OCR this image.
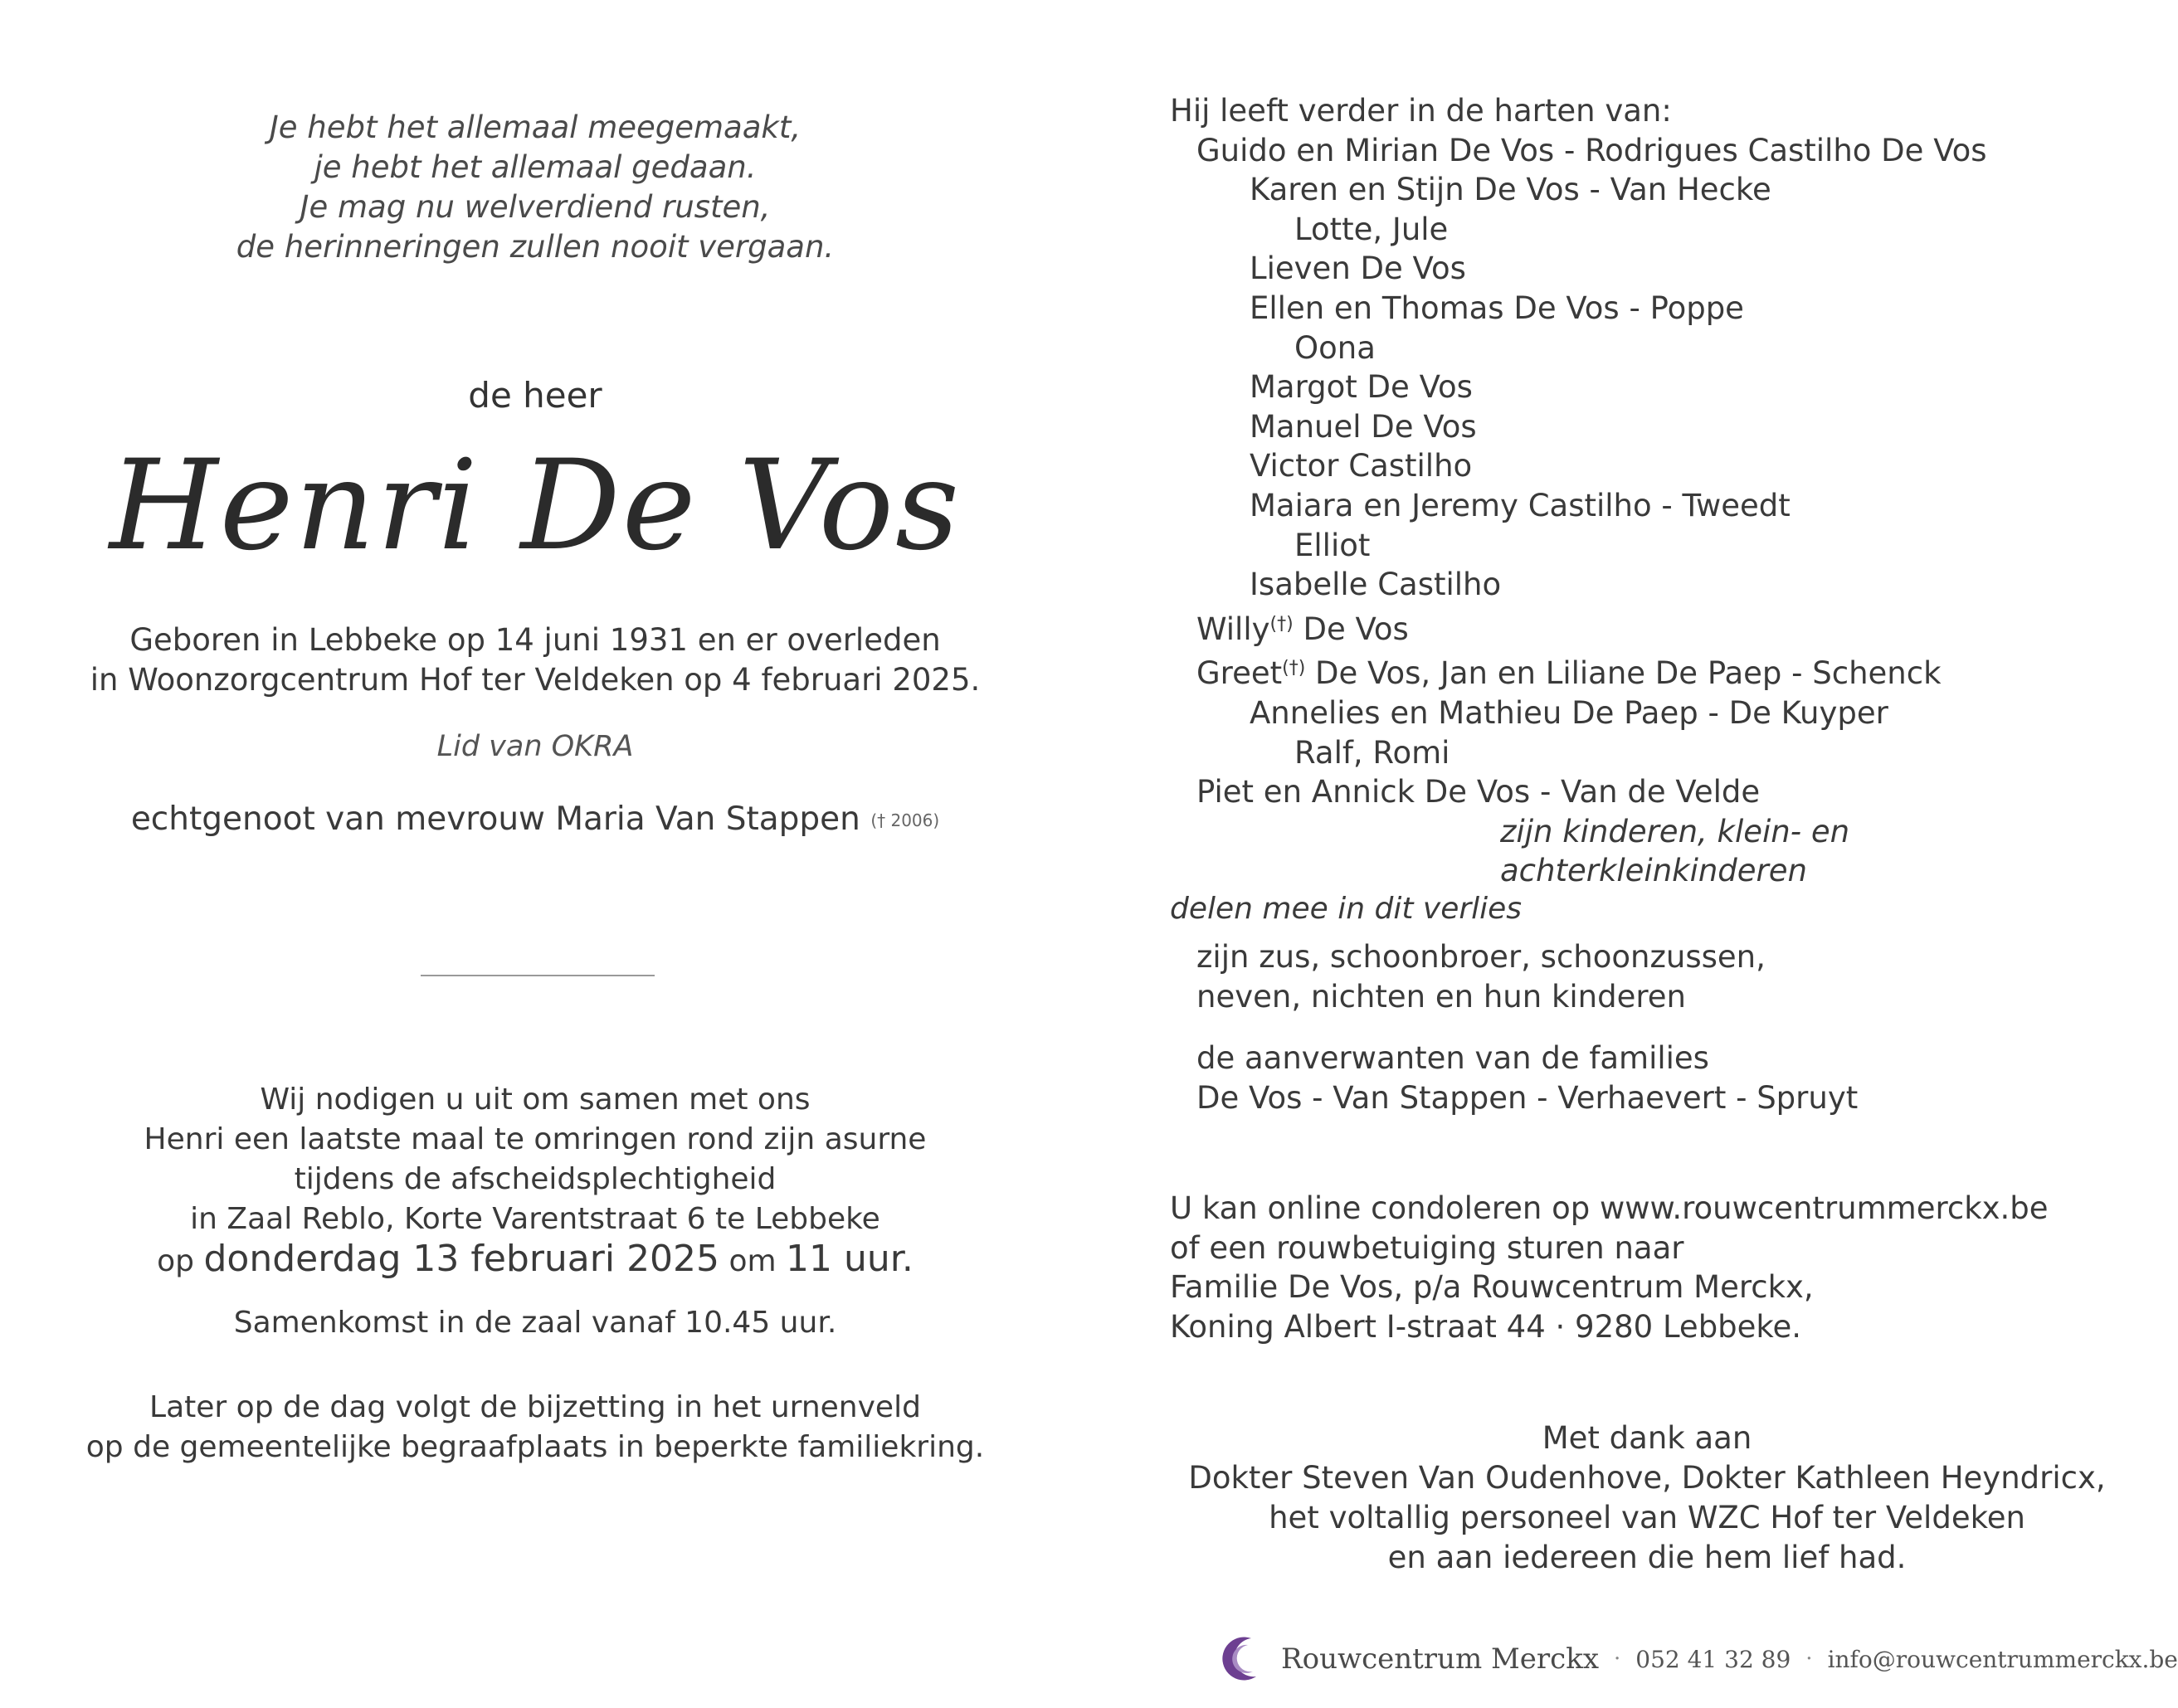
Je hebt het allemaal meegemaakt,
je hebt het allemaal gedaan.
Je mag nu welverdiend rusten,
de herinneringen zullen nooit vergaan.
de heer
Henri De Vos
Geboren in Lebbeke op 14 juni 1931 en er overleden
in Woonzorgcentrum Hof ter Veldeken op 4 februari 2025.
Lid van OKRA
echtgenoot van mevrouw Maria Van Stappen († 2006)
Wij nodigen u uit om samen met ons
Henri een laatste maal te omringen rond zijn asurne
tijdens de afscheidsplechtigheid
in Zaal Reblo, Korte Varentstraat 6 te Lebbeke
op donderdag 13 februari 2025 om 11 uur.
Samenkomst in de zaal vanaf 10.45 uur.
Later op de dag volgt de bijzetting in het urnenveld
op de gemeentelijke begraafplaats in beperkte familiekring.
Hij leeft verder in de harten van:
Guido en Mirian De Vos - Rodrigues Castilho De Vos
Karen en Stijn De Vos - Van Hecke
Lotte, Jule
Lieven De Vos
Ellen en Thomas De Vos - Poppe
Oona
Margot De Vos
Manuel De Vos
Victor Castilho
Maiara en Jeremy Castilho - Tweedt
Elliot
Isabelle Castilho
Willy(†) De Vos
Greet(†) De Vos, Jan en Liliane De Paep - Schenck
Annelies en Mathieu De Paep - De Kuyper
Ralf, Romi
Piet en Annick De Vos - Van de Velde
zijn kinderen, klein- en achterkleinkinderen
delen mee in dit verlies
zijn zus, schoonbroer, schoonzussen,
neven, nichten en hun kinderen
de aanverwanten van de families
De Vos - Van Stappen - Verhaevert - Spruyt
U kan online condoleren op www.rouwcentrummerckx.be
of een rouwbetuiging sturen naar
Familie De Vos, p/a Rouwcentrum Merckx,
Koning Albert I-straat 44 · 9280 Lebbeke.
Met dank aan
Dokter Steven Van Oudenhove, Dokter Kathleen Heyndricx,
het voltallig personeel van WZC Hof ter Veldeken
en aan iedereen die hem lief had.
Rouwcentrum Merckx · 052 41 32 89 · info@rouwcentrummerckx.be
